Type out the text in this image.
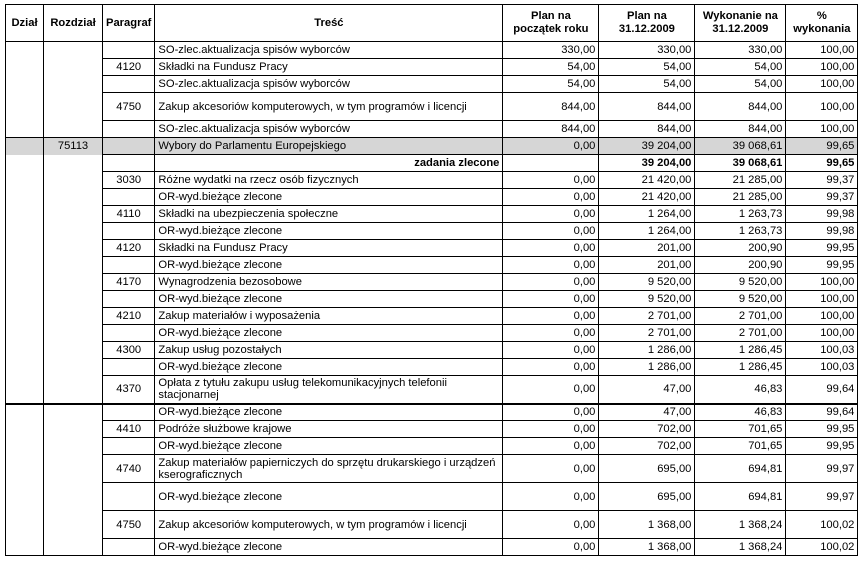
Dział	Rozdział	Paragraf	Treść	Plan na początek roku	Plan na 31.12.2009	Wykonanie na 31.12.2009	% wykonania
			SO-zlec.aktualizacja spisów wyborców	330,00	330,00	330,00	100,00
		4120	Składki na Fundusz Pracy	54,00	54,00	54,00	100,00
			SO-zlec.aktualizacja spisów wyborców	54,00	54,00	54,00	100,00
		4750	Zakup akcesoriów komputerowych, w tym programów i licencji	844,00	844,00	844,00	100,00
			SO-zlec.aktualizacja spisów wyborców	844,00	844,00	844,00	100,00
	75113		Wybory do Parlamentu Europejskiego	0,00	39 204,00	39 068,61	99,65
			zadania zlecone		39 204,00	39 068,61	99,65
		3030	Różne wydatki na rzecz osób fizycznych	0,00	21 420,00	21 285,00	99,37
			OR-wyd.bieżące zlecone	0,00	21 420,00	21 285,00	99,37
		4110	Składki na ubezpieczenia społeczne	0,00	1 264,00	1 263,73	99,98
			OR-wyd.bieżące zlecone	0,00	1 264,00	1 263,73	99,98
		4120	Składki na Fundusz Pracy	0,00	201,00	200,90	99,95
			OR-wyd.bieżące zlecone	0,00	201,00	200,90	99,95
		4170	Wynagrodzenia bezosobowe	0,00	9 520,00	9 520,00	100,00
			OR-wyd.bieżące zlecone	0,00	9 520,00	9 520,00	100,00
		4210	Zakup materiałów i wyposażenia	0,00	2 701,00	2 701,00	100,00
			OR-wyd.bieżące zlecone	0,00	2 701,00	2 701,00	100,00
		4300	Zakup usług pozostałych	0,00	1 286,00	1 286,45	100,03
			OR-wyd.bieżące zlecone	0,00	1 286,00	1 286,45	100,03
		4370	Opłata z tytułu zakupu usług telekomunikacyjnych telefonii stacjonarnej	0,00	47,00	46,83	99,64
			OR-wyd.bieżące zlecone	0,00	47,00	46,83	99,64
		4410	Podróże służbowe krajowe	0,00	702,00	701,65	99,95
			OR-wyd.bieżące zlecone	0,00	702,00	701,65	99,95
		4740	Zakup materiałów papierniczych do sprzętu drukarskiego i urządzeń kserograficznych	0,00	695,00	694,81	99,97
			OR-wyd.bieżące zlecone	0,00	695,00	694,81	99,97
		4750	Zakup akcesoriów komputerowych, w tym programów i licencji	0,00	1 368,00	1 368,24	100,02
			OR-wyd.bieżące zlecone	0,00	1 368,00	1 368,24	100,02
